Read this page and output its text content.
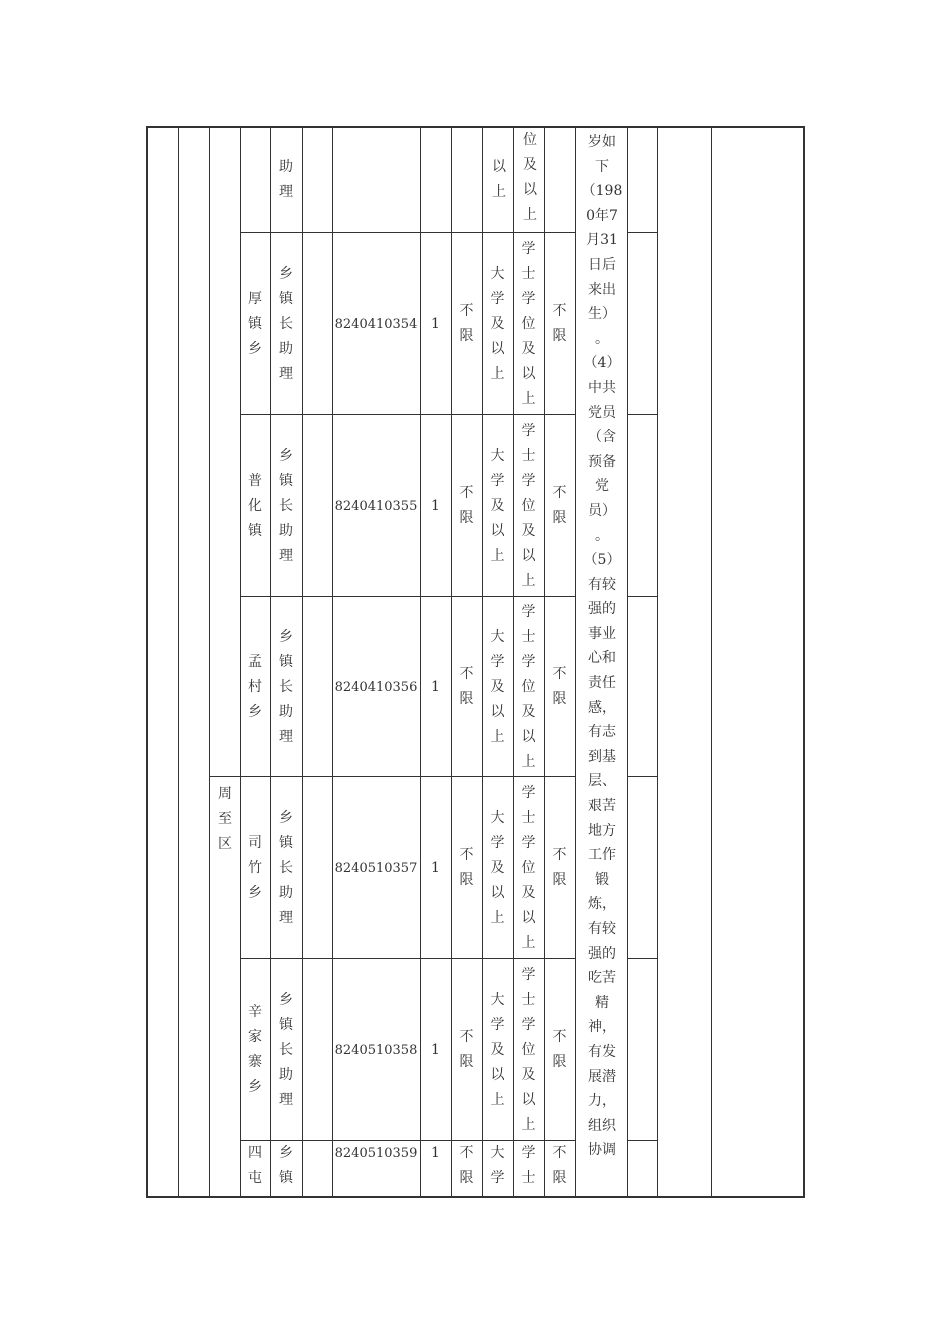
周
至
区
助
理
以
上
位
及
以
上
厚
镇
乡
乡
镇
长
助
理
8240410354 1
不
限
大
学
及
以
上
学
士
学
位
及
以
上
不
限
普
化
镇
乡
镇
长
助
理
8240410355 1
不
限
大
学
及
以
上
学
士
学
位
及
以
上
不
限
孟
村
乡
乡
镇
长
助
理
8240410356 1
不
限
大
学
及
以
上
学
士
学
位
及
以
上
不
限
司
竹
乡
乡
镇
长
助
理
8240510357 1
不
限
大
学
及
以
上
学
士
学
位
及
以
上
不
限
辛
家
寨
乡
乡
镇
长
助
理
8240510358 1
不
限
大
学
及
以
上
学
士
学
位
及
以
上
不
限
四
屯
乡
镇
8240510359 1	不
限
大
学
学
士
不
限
岁如
下
（198
0年7
月31
日后
来出
生）
。
（4）
中共
党员
（含
预备
党
员）
。
（5）
有较
强的
事业
心和
责任
感，
有志
到基
层、
艰苦
地方
工作
锻
炼，
有较
强的
吃苦
精
神，
有发
展潜
力，
组织
协调
